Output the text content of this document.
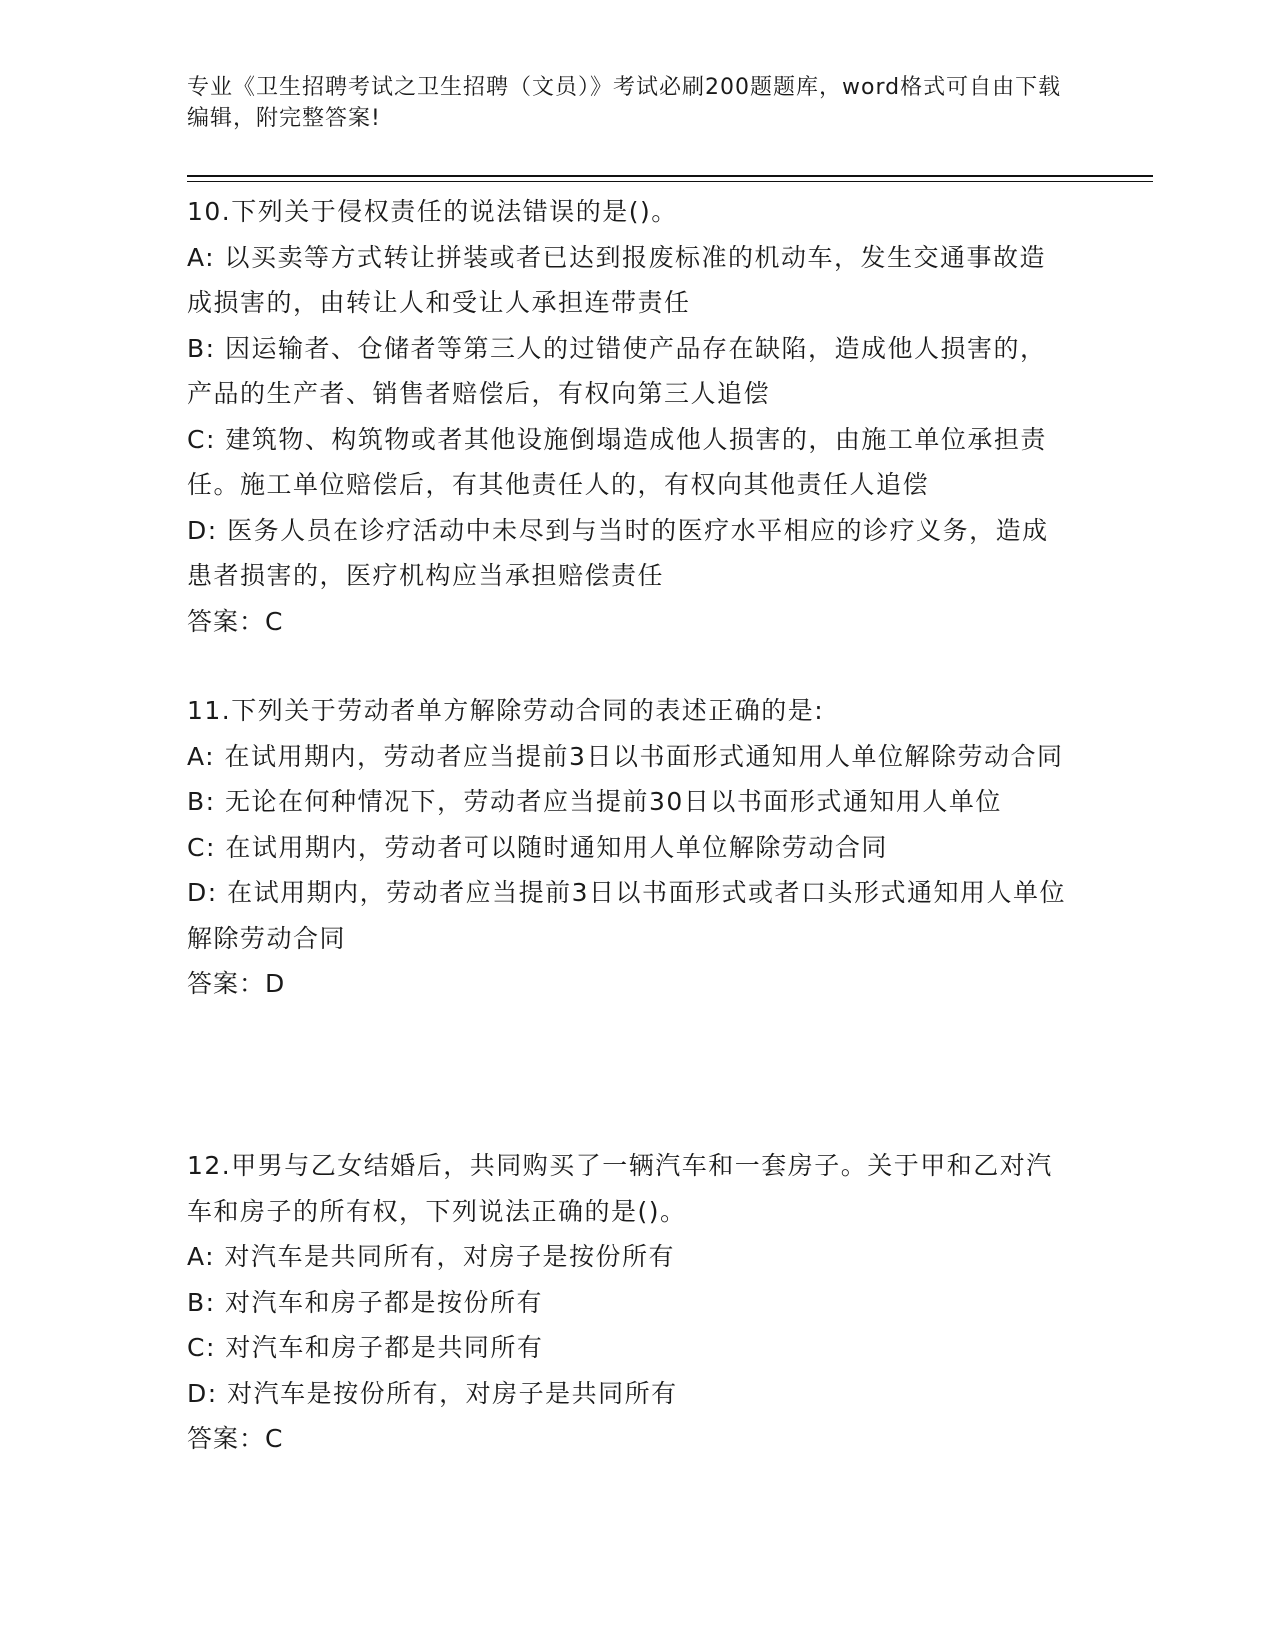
专业《卫生招聘考试之卫生招聘（文员）》考试必刷200题题库，word格式可自由下载编辑，附完整答案!
10.下列关于侵权责任的说法错误的是()。
A: 以买卖等方式转让拼装或者已达到报废标准的机动车，发生交通事故造成损害的，由转让人和受让人承担连带责任
B: 因运输者、仓储者等第三人的过错使产品存在缺陷，造成他人损害的，产品的生产者、销售者赔偿后，有权向第三人追偿
C: 建筑物、构筑物或者其他设施倒塌造成他人损害的，由施工单位承担责任。施工单位赔偿后，有其他责任人的，有权向其他责任人追偿
D: 医务人员在诊疗活动中未尽到与当时的医疗水平相应的诊疗义务，造成患者损害的，医疗机构应当承担赔偿责任
答案：C
11.下列关于劳动者单方解除劳动合同的表述正确的是:
A: 在试用期内，劳动者应当提前3日以书面形式通知用人单位解除劳动合同
B: 无论在何种情况下，劳动者应当提前30日以书面形式通知用人单位
C: 在试用期内，劳动者可以随时通知用人单位解除劳动合同
D: 在试用期内，劳动者应当提前3日以书面形式或者口头形式通知用人单位解除劳动合同
答案：D
12.甲男与乙女结婚后，共同购买了一辆汽车和一套房子。关于甲和乙对汽车和房子的所有权，下列说法正确的是()。
A: 对汽车是共同所有，对房子是按份所有
B: 对汽车和房子都是按份所有
C: 对汽车和房子都是共同所有
D: 对汽车是按份所有，对房子是共同所有
答案：C
